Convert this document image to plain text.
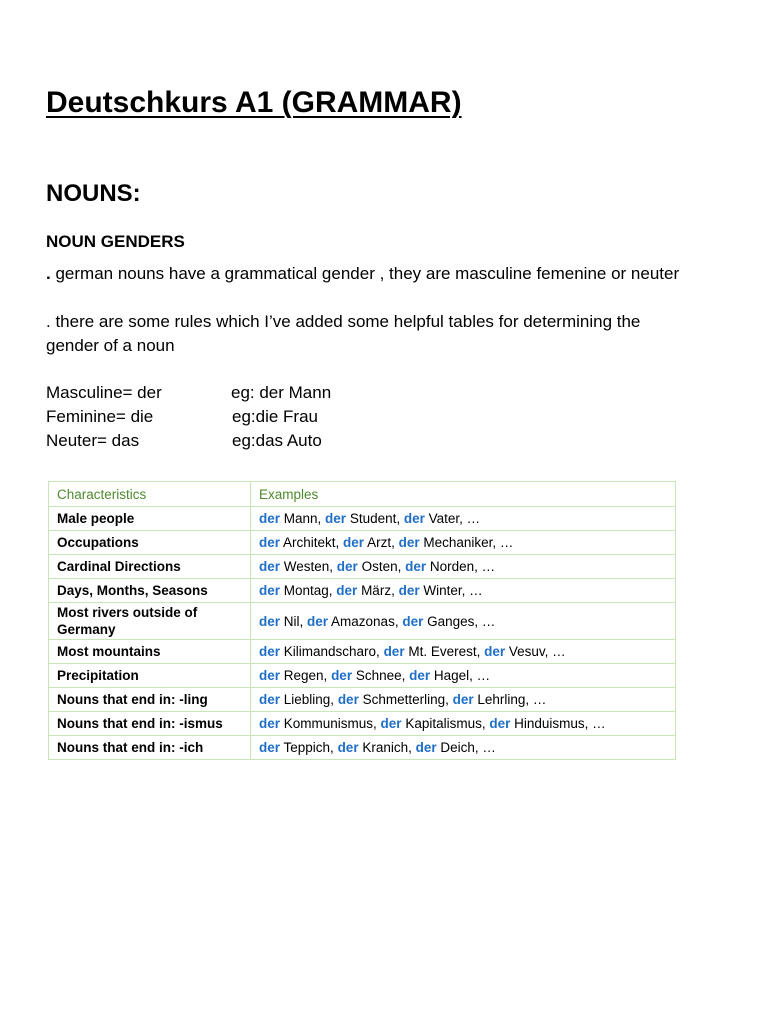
Deutschkurs A1 (GRAMMAR)
NOUNS:
NOUN GENDERS

. german nouns have a grammatical gender , they are masculine femenine or neuter

. there are some rules which I’ve added some helpful tables for determining the gender of a noun

Masculine= der	eg: der Mann
Feminine= die	eg:die Frau
Neuter= das	eg:das Auto
Characteristics	Examples
Male people	der Mann, der Student, der Vater, …
Occupations	der Architekt, der Arzt, der Mechaniker, …
Cardinal Directions	der Westen, der Osten, der Norden, …
Days, Months, Seasons	der Montag, der März, der Winter, …
Most rivers outside of Germany	der Nil, der Amazonas, der Ganges, …
Most mountains	der Kilimandscharo, der Mt. Everest, der Vesuv, …
Precipitation	der Regen, der Schnee, der Hagel, …
Nouns that end in: -ling	der Liebling, der Schmetterling, der Lehrling, …
Nouns that end in: -ismus	der Kommunismus, der Kapitalismus, der Hinduismus, …
Nouns that end in: -ich	der Teppich, der Kranich, der Deich, …
